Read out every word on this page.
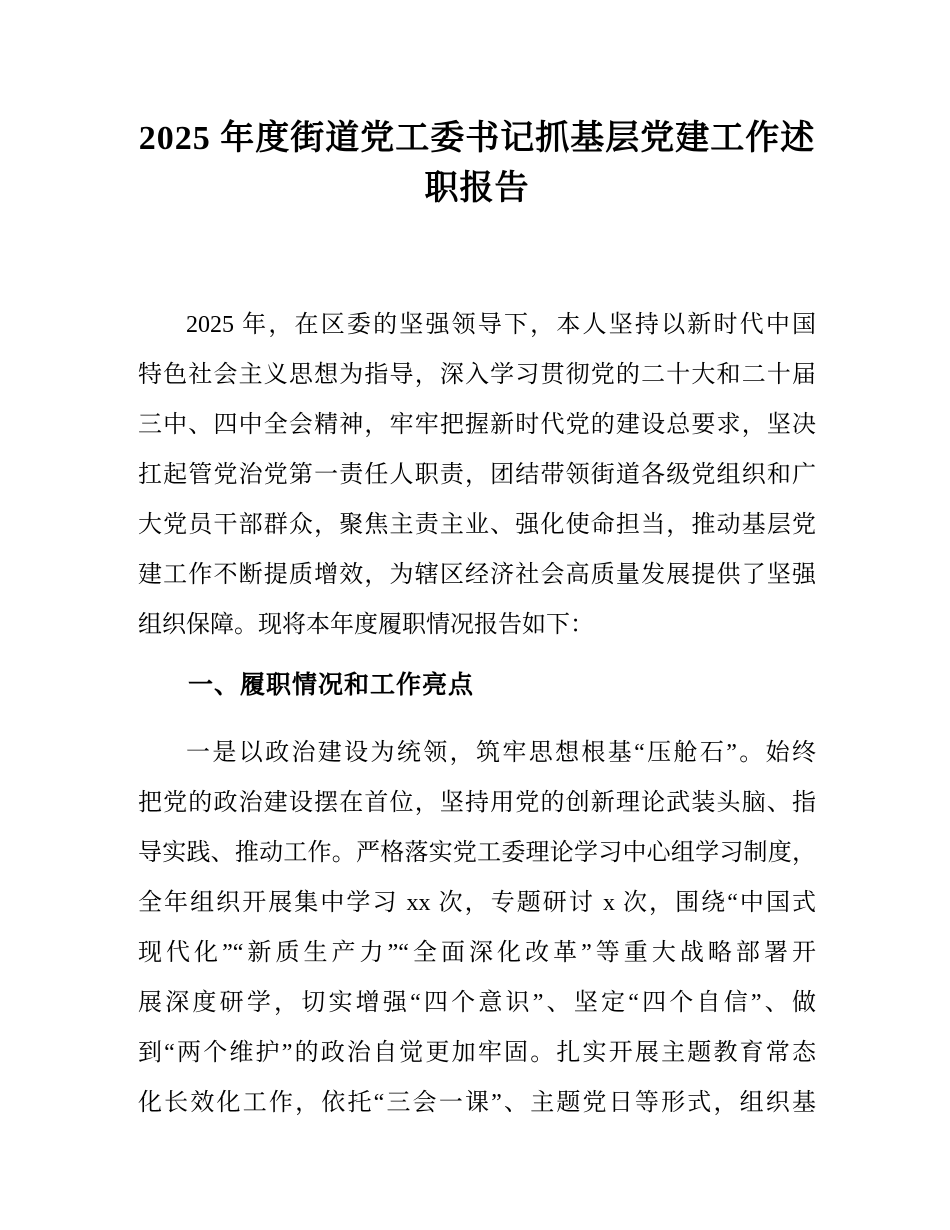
2025 年度街道党工委书记抓基层党建工作述
职报告
2025 年，在区委的坚强领导下，本人坚持以新时代中国
特色社会主义思想为指导，深入学习贯彻党的二十大和二十届
三中、四中全会精神，牢牢把握新时代党的建设总要求，坚决
扛起管党治党第一责任人职责，团结带领街道各级党组织和广
大党员干部群众，聚焦主责主业、强化使命担当，推动基层党
建工作不断提质增效，为辖区经济社会高质量发展提供了坚强
组织保障。现将本年度履职情况报告如下：
一、履职情况和工作亮点
一是以政治建设为统领，筑牢思想根基“压舱石”。始终
把党的政治建设摆在首位，坚持用党的创新理论武装头脑、指
导实践、推动工作。严格落实党工委理论学习中心组学习制度，
全年组织开展集中学习 xx 次，专题研讨 x 次，围绕“中国式
现代化”“新质生产力”“全面深化改革”等重大战略部署开
展深度研学，切实增强“四个意识”、坚定“四个自信”、做
到“两个维护”的政治自觉更加牢固。扎实开展主题教育常态
化长效化工作，依托“三会一课”、主题党日等形式，组织基
